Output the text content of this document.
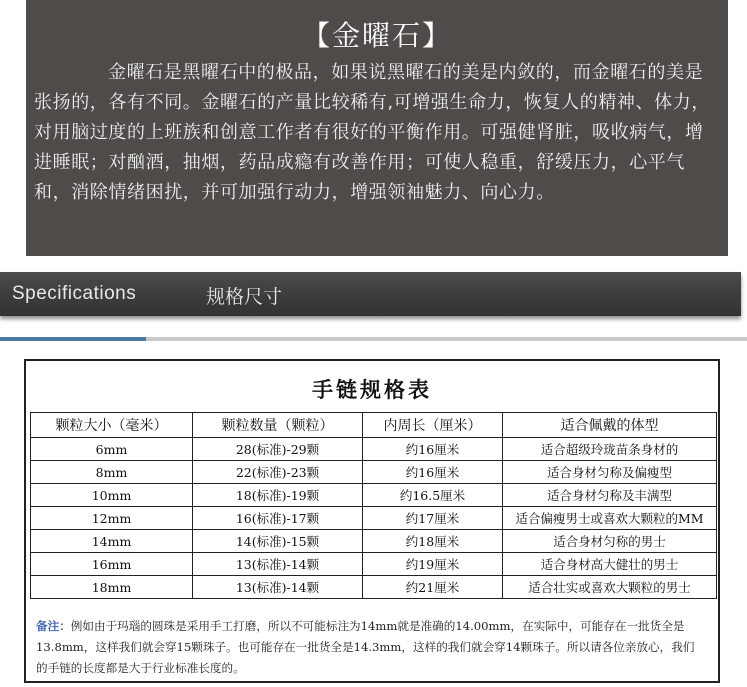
【金曜石】
金曜石是黑曜石中的极品，如果说黑曜石的美是内敛的，而金曜石的美是张扬的，各有不同。金曜石的产量比较稀有,可增强生命力，恢复人的精神、体力，对用脑过度的上班族和创意工作者有很好的平衡作用。可强健肾脏，吸收病气，增进睡眠；对酗酒，抽烟，药品成瘾有改善作用；可使人稳重，舒缓压力，心平气和，消除情绪困扰，并可加强行动力，增强领袖魅力、向心力。
Specifications	规格尺寸
手链规格表
颗粒大小（毫米）	颗粒数量（颗粒）	内周长（厘米）	适合佩戴的体型
6mm	28(标准)-29颗	约16厘米	适合超级玲珑苗条身材的
8mm	22(标准)-23颗	约16厘米	适合身材匀称及偏瘦型
10mm	18(标准)-19颗	约16.5厘米	适合身材匀称及丰满型
12mm	16(标准)-17颗	约17厘米	适合偏瘦男士或喜欢大颗粒的MM
14mm	14(标准)-15颗	约18厘米	适合身材匀称的男士
16mm	13(标准)-14颗	约19厘米	适合身材高大健壮的男士
18mm	13(标准)-14颗	约21厘米	适合壮实或喜欢大颗粒的男士
备注：例如由于玛瑙的圆珠是采用手工打磨，所以不可能标注为14mm就是准确的14.00mm，在实际中，可能存在一批货全是13.8mm，这样我们就会穿15颗珠子。也可能存在一批货全是14.3mm，这样的我们就会穿14颗珠子。所以请各位亲放心，我们的手链的长度都是大于行业标准长度的。
